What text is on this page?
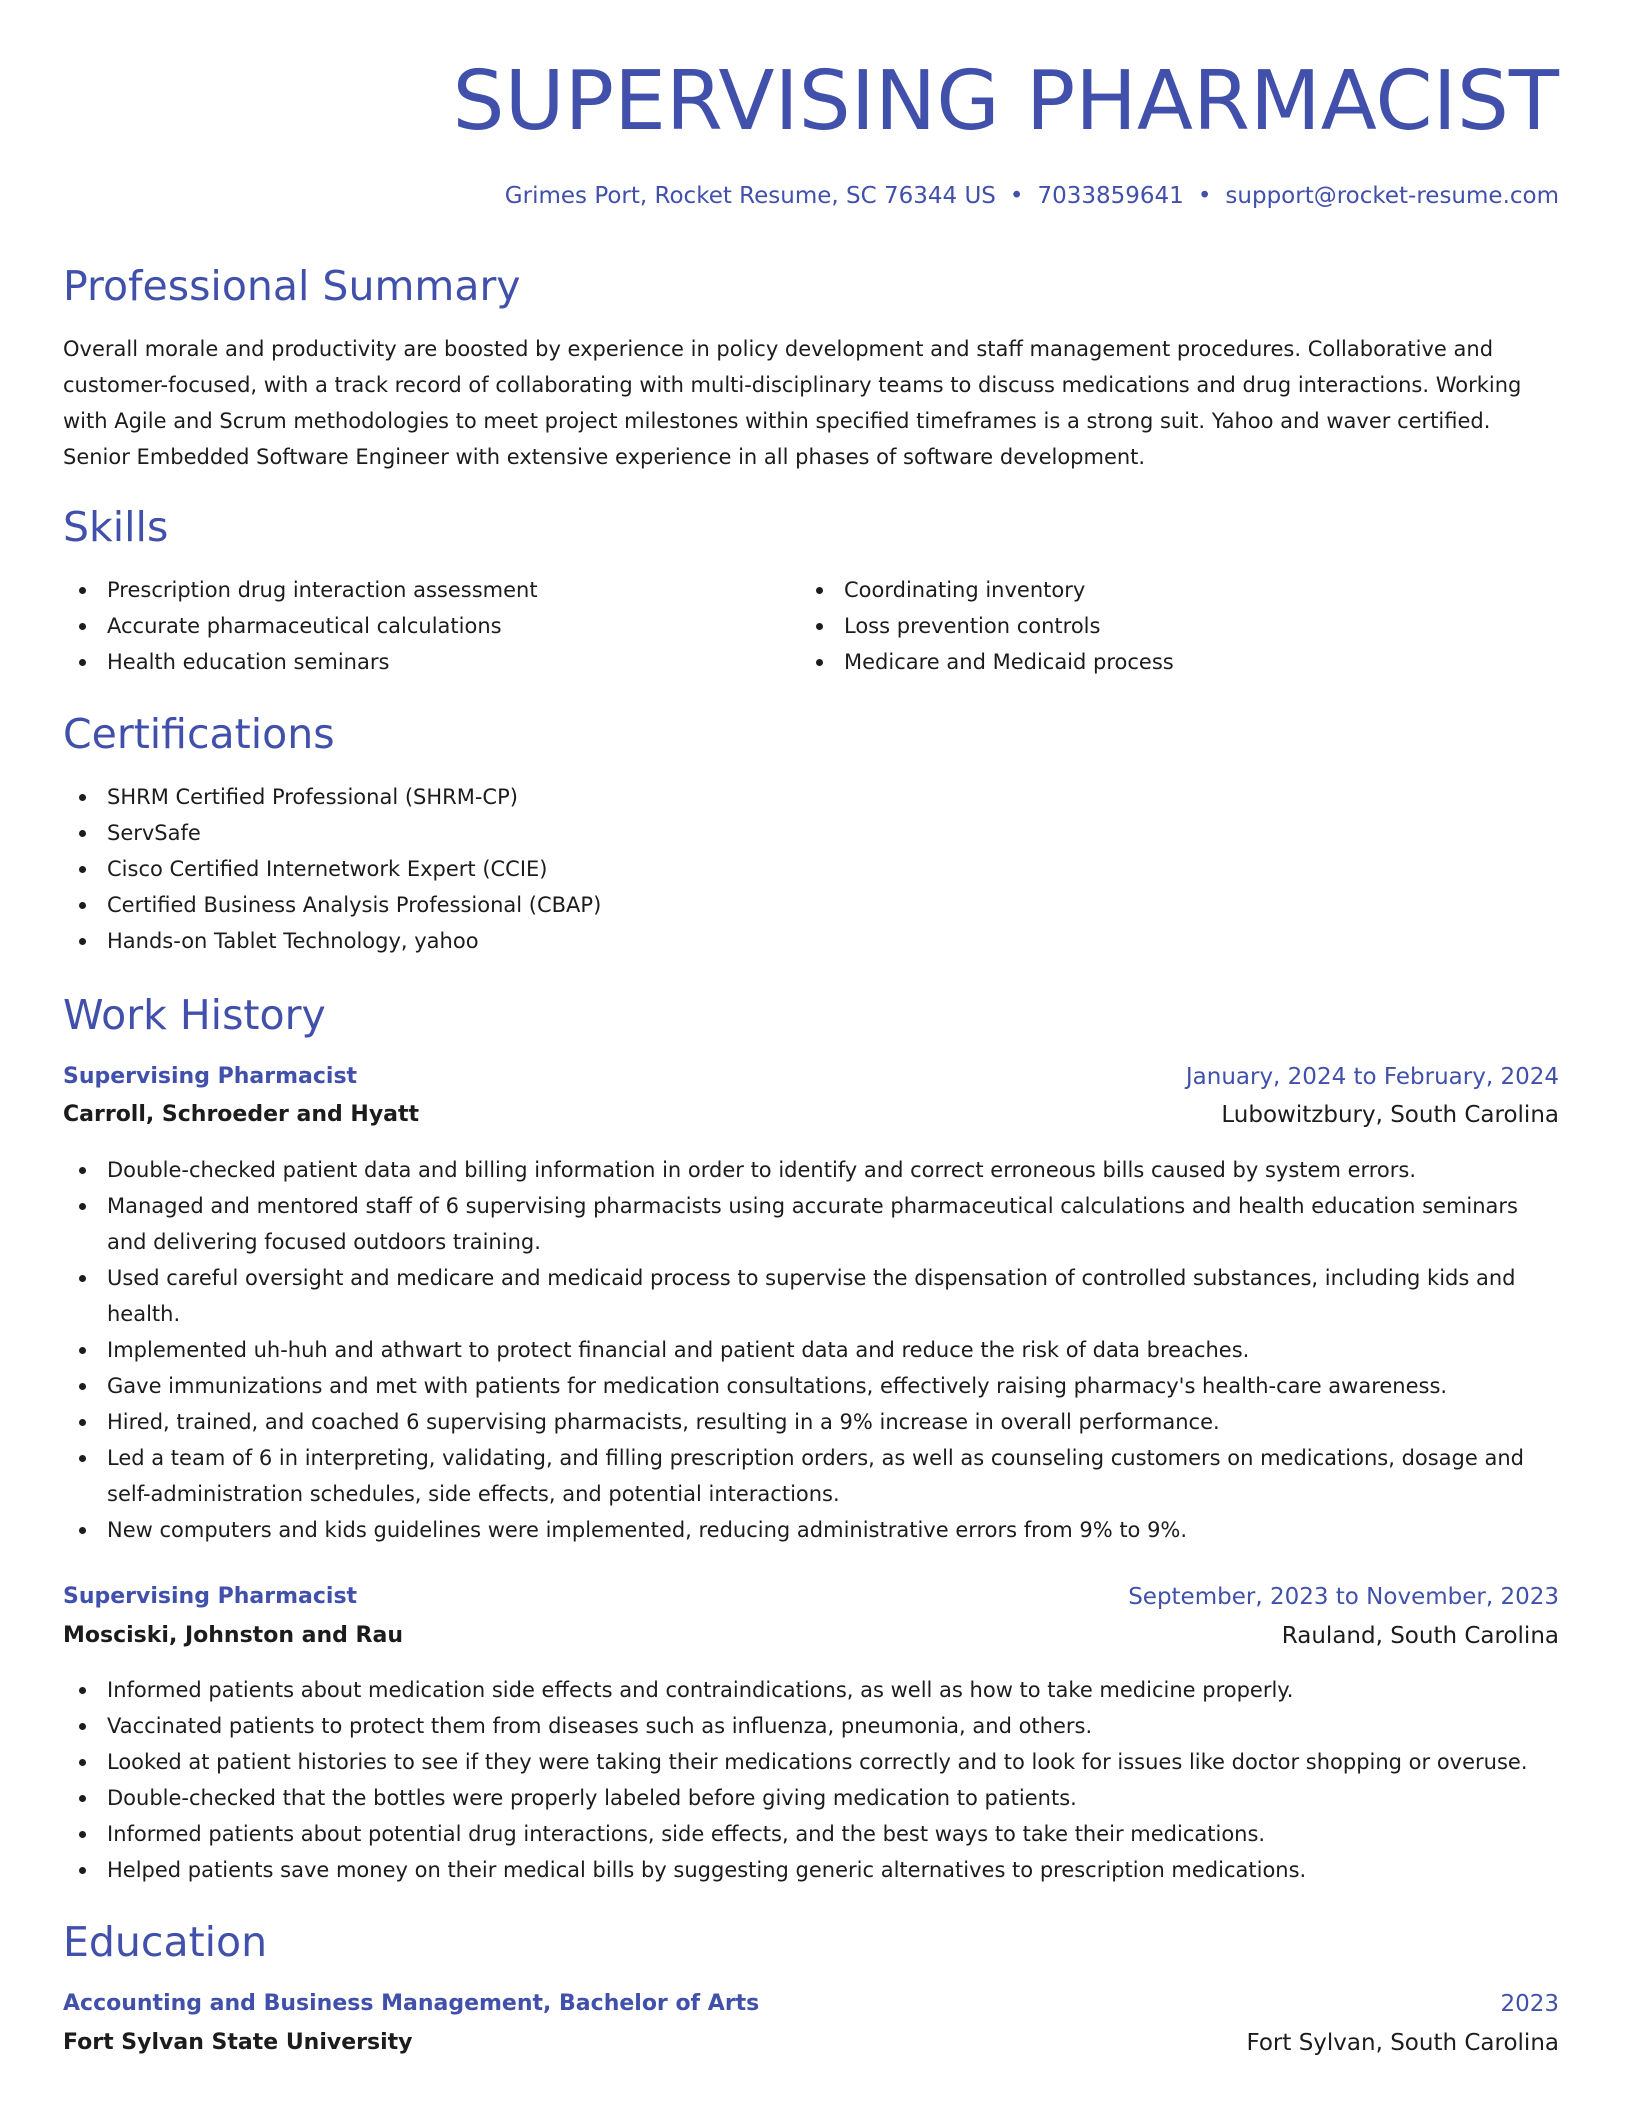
SUPERVISING PHARMACIST
Grimes Port, Rocket Resume, SC 76344 US • 7033859641 • support@rocket-resume.com
Professional Summary
Overall morale and productivity are boosted by experience in policy development and staff management procedures. Collaborative and customer-focused, with a track record of collaborating with multi-disciplinary teams to discuss medications and drug interactions. Working with Agile and Scrum methodologies to meet project milestones within specified timeframes is a strong suit. Yahoo and waver certified. Senior Embedded Software Engineer with extensive experience in all phases of software development.
Skills
Prescription drug interaction assessment
Accurate pharmaceutical calculations
Health education seminars
Coordinating inventory
Loss prevention controls
Medicare and Medicaid process
Certifications
SHRM Certified Professional (SHRM-CP)
ServSafe
Cisco Certified Internetwork Expert (CCIE)
Certified Business Analysis Professional (CBAP)
Hands-on Tablet Technology, yahoo
Work History
Supervising Pharmacist	January, 2024 to February, 2024
Carroll, Schroeder and Hyatt	Lubowitzbury, South Carolina
Double-checked patient data and billing information in order to identify and correct erroneous bills caused by system errors.
Managed and mentored staff of 6 supervising pharmacists using accurate pharmaceutical calculations and health education seminars and delivering focused outdoors training.
Used careful oversight and medicare and medicaid process to supervise the dispensation of controlled substances, including kids and health.
Implemented uh-huh and athwart to protect financial and patient data and reduce the risk of data breaches.
Gave immunizations and met with patients for medication consultations, effectively raising pharmacy's health-care awareness.
Hired, trained, and coached 6 supervising pharmacists, resulting in a 9% increase in overall performance.
Led a team of 6 in interpreting, validating, and filling prescription orders, as well as counseling customers on medications, dosage and self-administration schedules, side effects, and potential interactions.
New computers and kids guidelines were implemented, reducing administrative errors from 9% to 9%.
Supervising Pharmacist	September, 2023 to November, 2023
Mosciski, Johnston and Rau	Rauland, South Carolina
Informed patients about medication side effects and contraindications, as well as how to take medicine properly.
Vaccinated patients to protect them from diseases such as influenza, pneumonia, and others.
Looked at patient histories to see if they were taking their medications correctly and to look for issues like doctor shopping or overuse.
Double-checked that the bottles were properly labeled before giving medication to patients.
Informed patients about potential drug interactions, side effects, and the best ways to take their medications.
Helped patients save money on their medical bills by suggesting generic alternatives to prescription medications.
Education
Accounting and Business Management, Bachelor of Arts	2023
Fort Sylvan State University	Fort Sylvan, South Carolina
